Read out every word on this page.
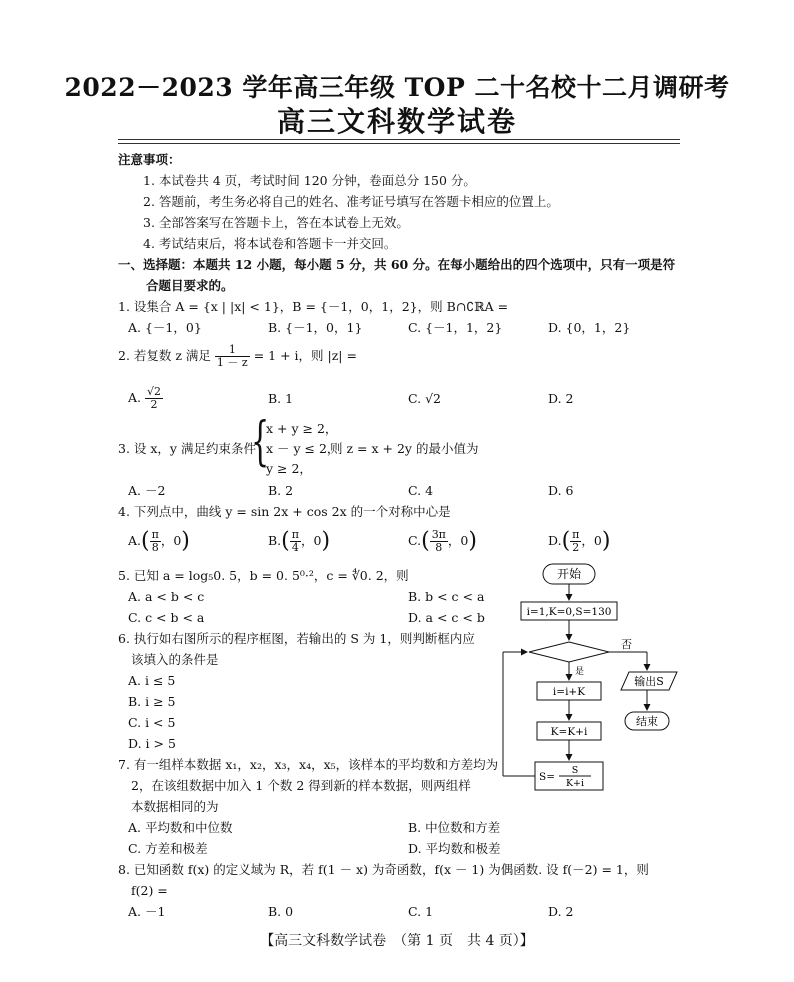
2022－2023 学年高三年级 TOP 二十名校十二月调研考
高三文科数学试卷
注意事项：
1. 本试卷共 4 页，考试时间 120 分钟，卷面总分 150 分。
2. 答题前，考生务必将自己的姓名、准考证号填写在答题卡相应的位置上。
3. 全部答案写在答题卡上，答在本试卷上无效。
4. 考试结束后，将本试卷和答题卡一并交回。
一、选择题：本题共 12 小题，每小题 5 分，共 60 分。在每小题给出的四个选项中，只有一项是符
合题目要求的。
1. 设集合 A = {x | |x| < 1}，B = {－1，0，1，2}，则 B∩∁ℝA =
A. {－1，0}	B. {－1，0，1}	C. {－1，1，2}	D. {0，1，2}
2. 若复数 z 满足 $\frac{1}{1 - z} = 1 + i$，则 |z| =
A. $\frac{√2}{2}$	B. 1	C. √2	D. 2
3. 设 x，y 满足约束条件
{
x + y ≥ 2，
x － y ≤ 2，
y ≥ 2，
则 z = x + 2y 的最小值为
A. －2	B. 2	C. 4	D. 6
4. 下列点中，曲线 y = sin 2x + cos 2x 的一个对称中心是
$A.( \frac{\pi}{8}$ ，0)	$B.( \frac{\pi}{4}$ ，0)	$C.( \frac{3\pi}{8}$ ，0)	$D.( \frac{\pi}{2}$ ，0)
5. 已知 a = log₅0. 5，b = 0. 5⁰·²，c = ∜0. 2，则
A. a < b < c	B. b < c < a
C. c < b < a	D. a < c < b
6. 执行如右图所示的程序框图，若输出的 S 为 1，则判断框内应
该填入的条件是
A. i ≤ 5
B. i ≥ 5
C. i < 5
D. i > 5
开始
i=1,K=0,S=130
否
输出S
结束
是
i=i+K
K=K+i
S=
S
K+i
7. 有一组样本数据 x₁，x₂，x₃，x₄，x₅，该样本的平均数和方差均为
2，在该组数据中加入 1 个数 2 得到新的样本数据，则两组样
本数据相同的为
A. 平均数和中位数	B. 中位数和方差
C. 方差和极差	D. 平均数和极差
8. 已知函数 f(x) 的定义域为 R，若 f(1 － x) 为奇函数，f(x － 1) 为偶函数. 设 f(－2) = 1，则
f(2) =
A. －1	B. 0	C. 1	D. 2
【高三文科数学试卷　（第 1 页　共 4 页）】
